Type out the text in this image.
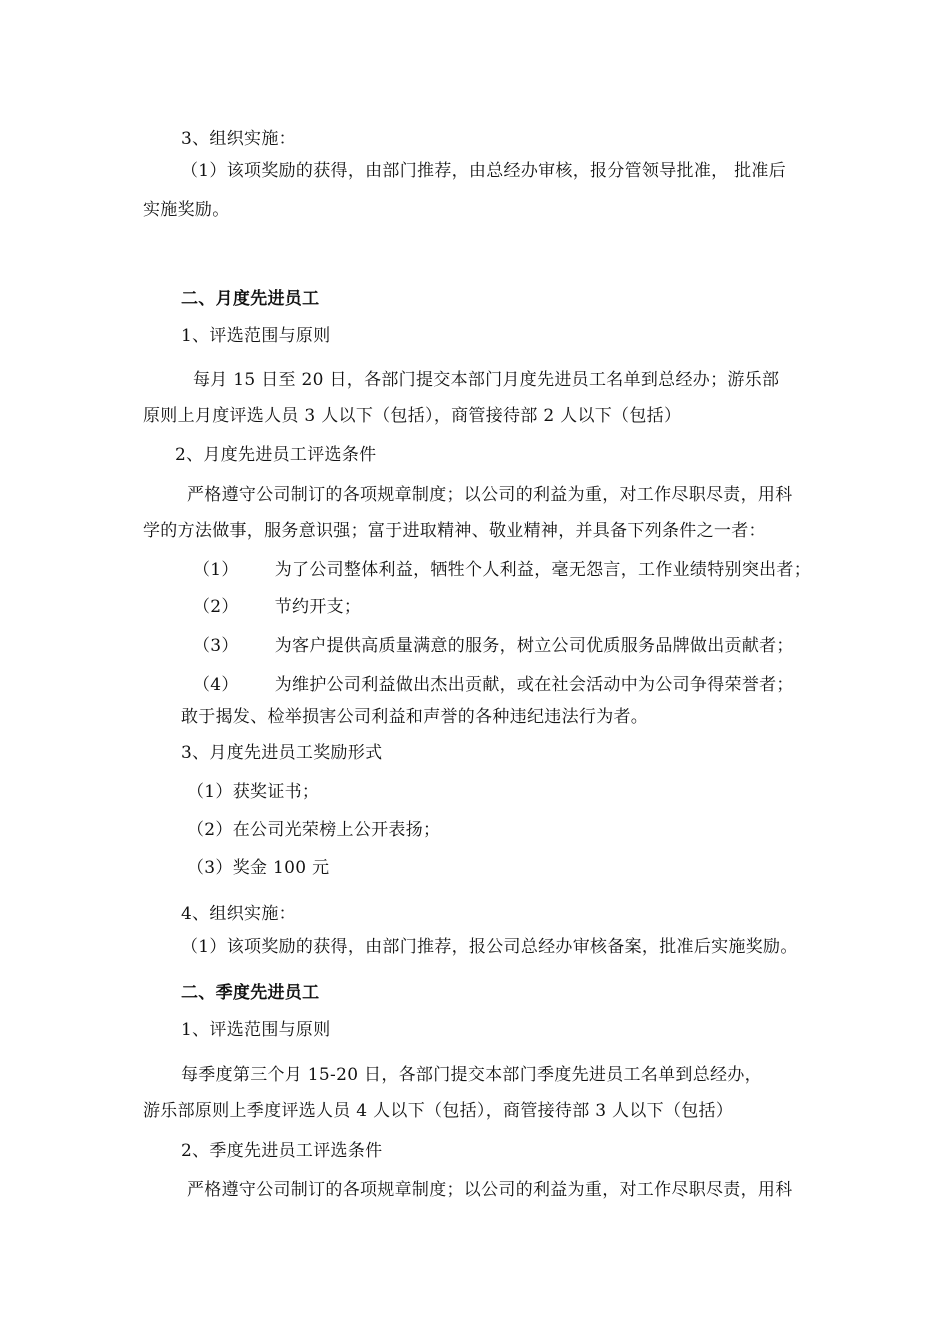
3、组织实施：

（1）该项奖励的获得，由部门推荐，由总经办审核，报分管领导批准， 批准后

实施奖励。

二、月度先进员工

1、评选范围与原则

每月 15 日至 20 日，各部门提交本部门月度先进员工名单到总经办；游乐部

原则上月度评选人员 3 人以下（包括），商管接待部 2 人以下（包括）

2、月度先进员工评选条件

严格遵守公司制订的各项规章制度；以公司的利益为重，对工作尽职尽责，用科

学的方法做事，服务意识强；富于进取精神、敬业精神，并具备下列条件之一者：

（1） 为了公司整体利益，牺牲个人利益，毫无怨言，工作业绩特别突出者；

（2） 节约开支；

（3） 为客户提供高质量满意的服务，树立公司优质服务品牌做出贡献者；

（4） 为维护公司利益做出杰出贡献，或在社会活动中为公司争得荣誉者；

敢于揭发、检举损害公司利益和声誉的各种违纪违法行为者。

3、月度先进员工奖励形式

（1）获奖证书；

（2）在公司光荣榜上公开表扬；

（3）奖金 100 元

4、组织实施：

（1）该项奖励的获得，由部门推荐，报公司总经办审核备案，批准后实施奖励。

二、季度先进员工

1、评选范围与原则

每季度第三个月 15-20 日，各部门提交本部门季度先进员工名单到总经办，

游乐部原则上季度评选人员 4 人以下（包括），商管接待部 3 人以下（包括）

2、季度先进员工评选条件

严格遵守公司制订的各项规章制度；以公司的利益为重，对工作尽职尽责，用科
